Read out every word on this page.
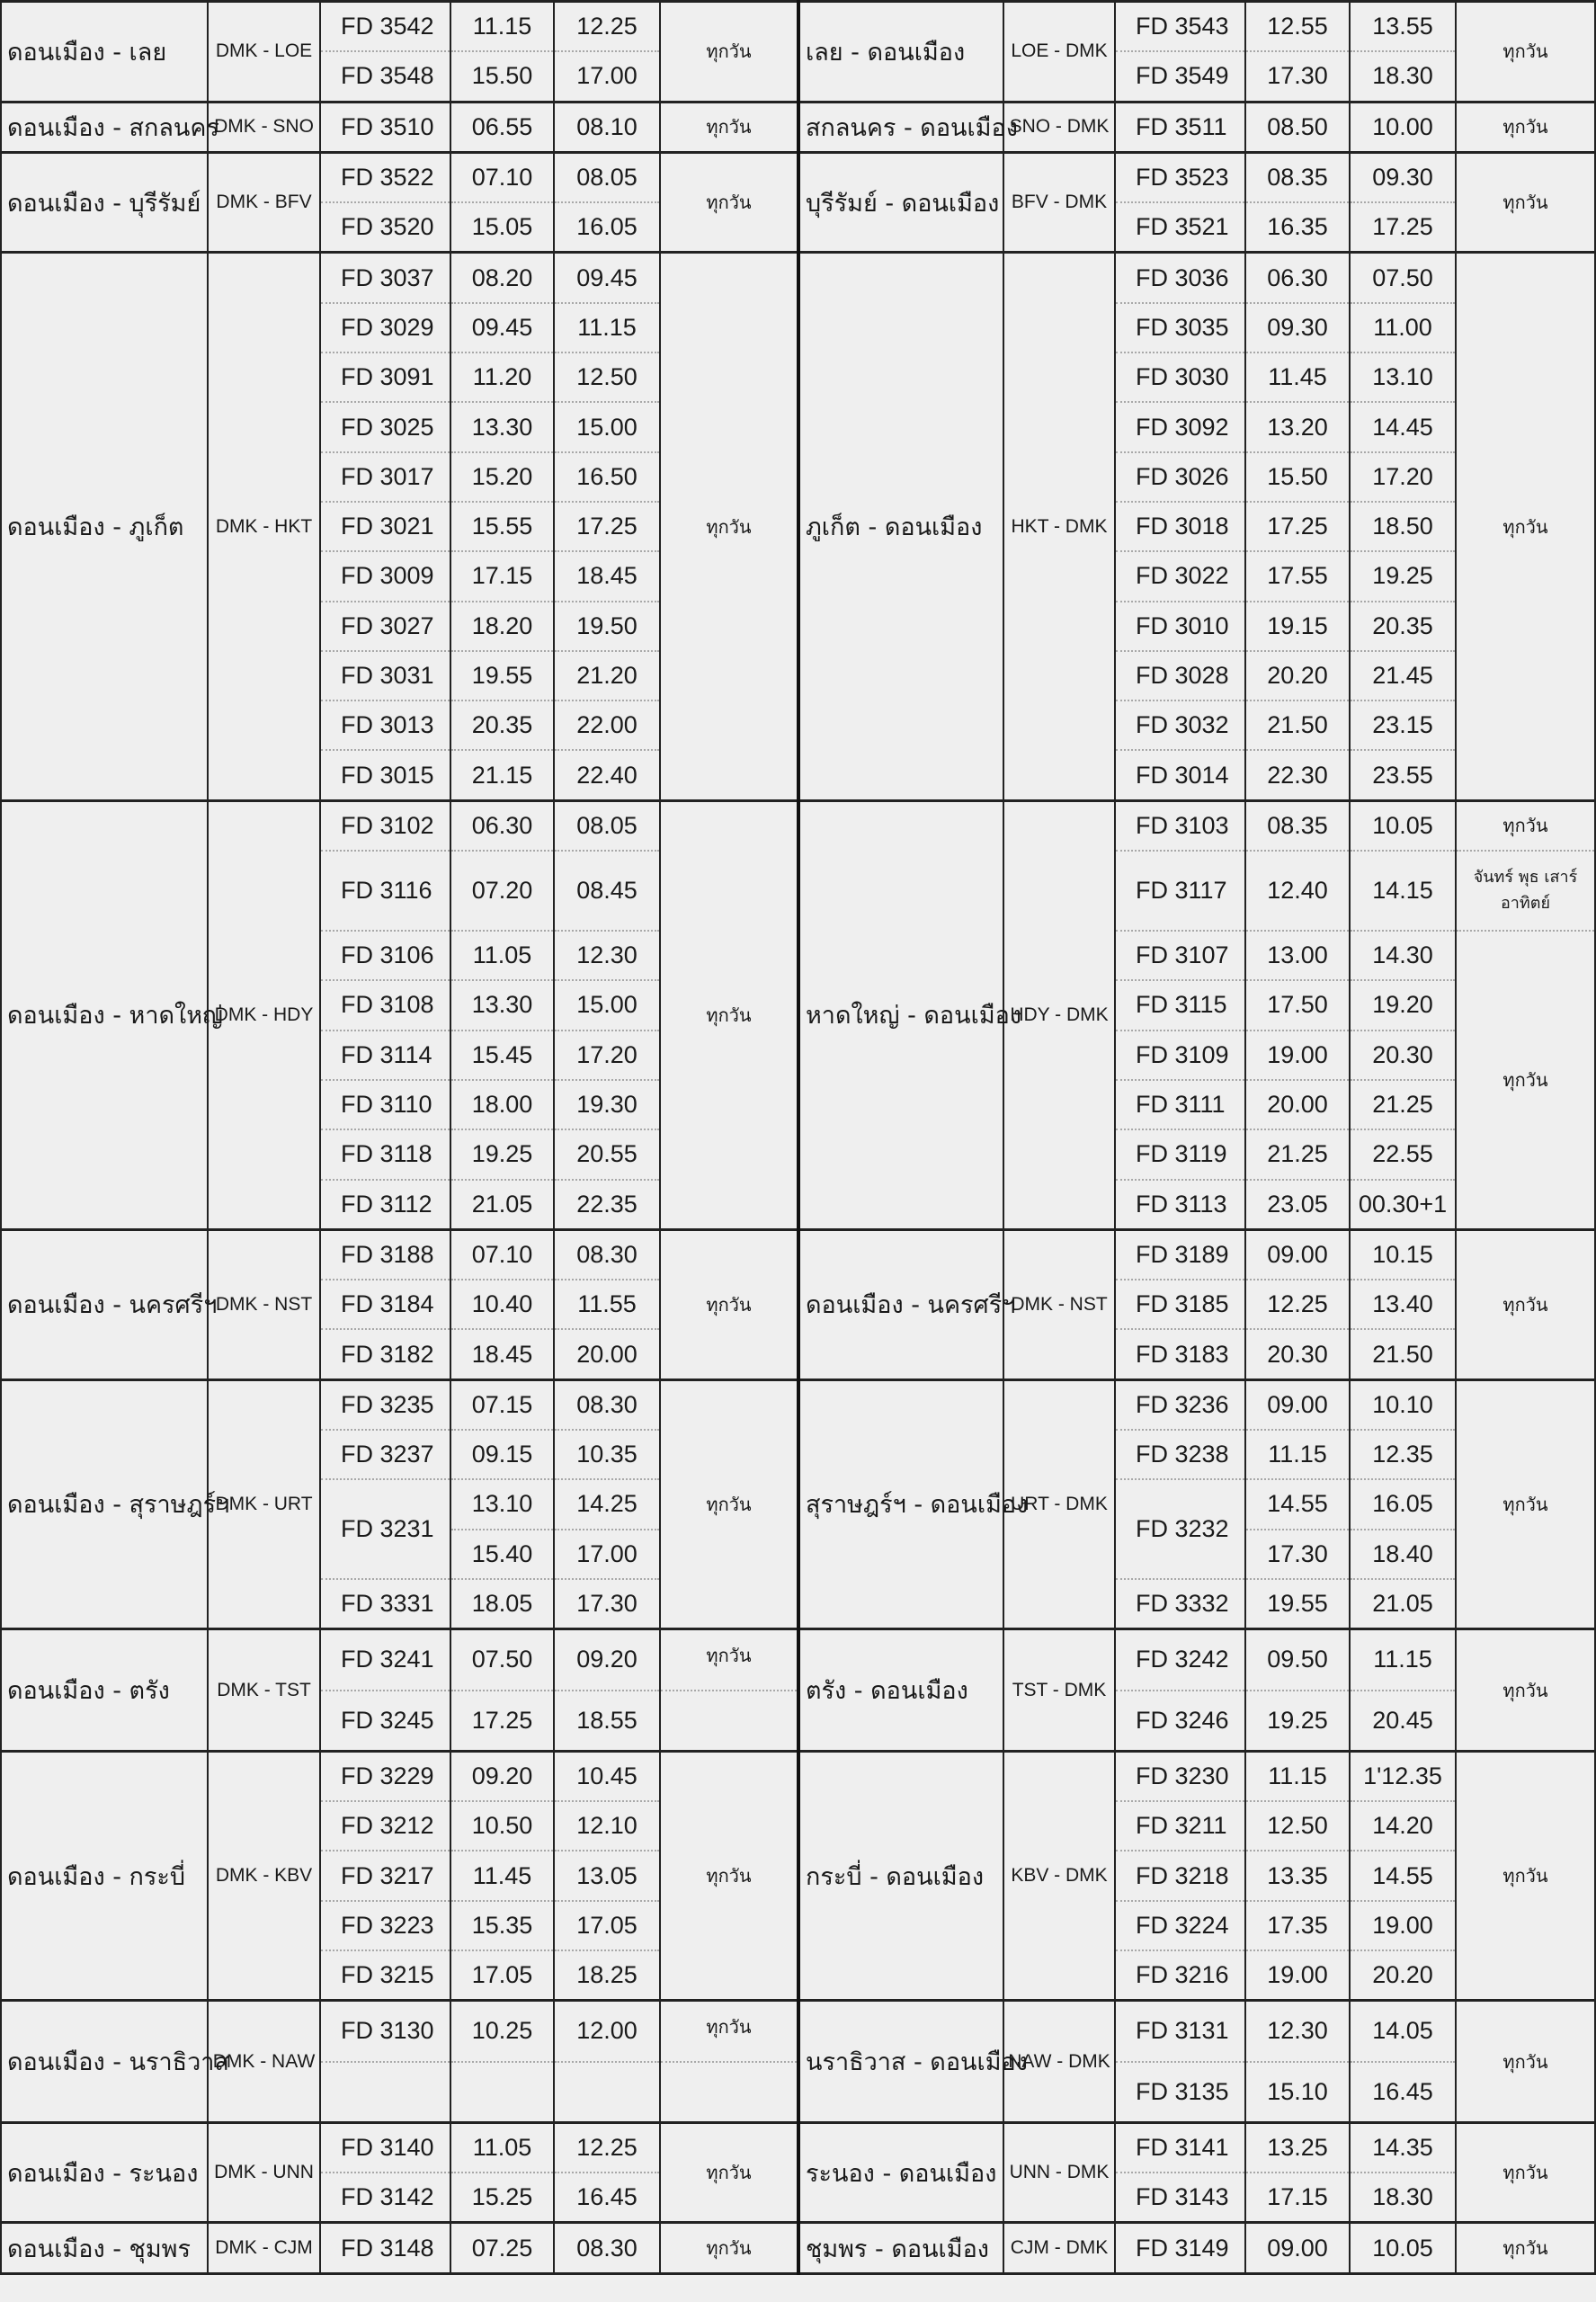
ดอนเมือง - เลย	DMK - LOE	FD 3542	11.15	12.25	ทุกวัน	เลย - ดอนเมือง	LOE - DMK	FD 3543	12.55	13.55	ทุกวัน
		FD 3548	15.50	17.00				FD 3549	17.30	18.30	
ดอนเมือง - สกลนคร	DMK - SNO	FD 3510	06.55	08.10	ทุกวัน	สกลนคร - ดอนเมือง	SNO - DMK	FD 3511	08.50	10.00	ทุกวัน
ดอนเมือง - บุรีรัมย์	DMK - BFV	FD 3522	07.10	08.05	ทุกวัน	บุรีรัมย์ - ดอนเมือง	BFV - DMK	FD 3523	08.35	09.30	ทุกวัน
		FD 3520	15.05	16.05				FD 3521	16.35	17.25	
ดอนเมือง - ภูเก็ต	DMK - HKT	FD 3037	08.20	09.45	ทุกวัน	ภูเก็ต - ดอนเมือง	HKT - DMK	FD 3036	06.30	07.50	ทุกวัน
		FD 3029	09.45	11.15				FD 3035	09.30	11.00	
		FD 3091	11.20	12.50				FD 3030	11.45	13.10	
		FD 3025	13.30	15.00				FD 3092	13.20	14.45	
		FD 3017	15.20	16.50				FD 3026	15.50	17.20	
		FD 3021	15.55	17.25				FD 3018	17.25	18.50	
		FD 3009	17.15	18.45				FD 3022	17.55	19.25	
		FD 3027	18.20	19.50				FD 3010	19.15	20.35	
		FD 3031	19.55	21.20				FD 3028	20.20	21.45	
		FD 3013	20.35	22.00				FD 3032	21.50	23.15	
		FD 3015	21.15	22.40				FD 3014	22.30	23.55	
ดอนเมือง - หาดใหญ่	DMK - HDY	FD 3102	06.30	08.05	ทุกวัน	หาดใหญ่ - ดอนเมือง	HDY - DMK	FD 3103	08.35	10.05	ทุกวัน
		FD 3116	07.20	08.45				FD 3117	12.40	14.15	จันทร์ พุธ เสาร์ อาทิตย์
		FD 3106	11.05	12.30				FD 3107	13.00	14.30	ทุกวัน
		FD 3108	13.30	15.00				FD 3115	17.50	19.20	
		FD 3114	15.45	17.20				FD 3109	19.00	20.30	
		FD 3110	18.00	19.30				FD 3111	20.00	21.25	
		FD 3118	19.25	20.55				FD 3119	21.25	22.55	
		FD 3112	21.05	22.35				FD 3113	23.05	00.30+1	
ดอนเมือง - นครศรีฯ	DMK - NST	FD 3188	07.10	08.30	ทุกวัน	ดอนเมือง - นครศรีฯ	DMK - NST	FD 3189	09.00	10.15	ทุกวัน
		FD 3184	10.40	11.55				FD 3185	12.25	13.40	
		FD 3182	18.45	20.00				FD 3183	20.30	21.50	
ดอนเมือง - สุราษฎร์ฯ	DMK - URT	FD 3235	07.15	08.30	ทุกวัน	สุราษฎร์ฯ - ดอนเมือง	URT - DMK	FD 3236	09.00	10.10	ทุกวัน
		FD 3237	09.15	10.35				FD 3238	11.15	12.35	
		FD 3231	13.10	14.25				FD 3232	14.55	16.05	
			15.40	17.00					17.30	18.40	
		FD 3331	18.05	17.30				FD 3332	19.55	21.05	
ดอนเมือง - ตรัง	DMK - TST	FD 3241	07.50	09.20	ทุกวัน	ตรัง - ดอนเมือง	TST - DMK	FD 3242	09.50	11.15	ทุกวัน
		FD 3245	17.25	18.55				FD 3246	19.25	20.45	
ดอนเมือง - กระบี่	DMK - KBV	FD 3229	09.20	10.45	ทุกวัน	กระบี่ - ดอนเมือง	KBV - DMK	FD 3230	11.15	1'12.35	ทุกวัน
		FD 3212	10.50	12.10				FD 3211	12.50	14.20	
		FD 3217	11.45	13.05				FD 3218	13.35	14.55	
		FD 3223	15.35	17.05				FD 3224	17.35	19.00	
		FD 3215	17.05	18.25				FD 3216	19.00	20.20	
ดอนเมือง - นราธิวาส	DMK - NAW	FD 3130	10.25	12.00	ทุกวัน	นราธิวาส - ดอนเมือง	NAW - DMK	FD 3131	12.30	14.05	ทุกวัน
								FD 3135	15.10	16.45	
ดอนเมือง - ระนอง	DMK - UNN	FD 3140	11.05	12.25	ทุกวัน	ระนอง - ดอนเมือง	UNN - DMK	FD 3141	13.25	14.35	ทุกวัน
		FD 3142	15.25	16.45				FD 3143	17.15	18.30	
ดอนเมือง - ชุมพร	DMK - CJM	FD 3148	07.25	08.30	ทุกวัน	ชุมพร - ดอนเมือง	CJM - DMK	FD 3149	09.00	10.05	ทุกวัน
